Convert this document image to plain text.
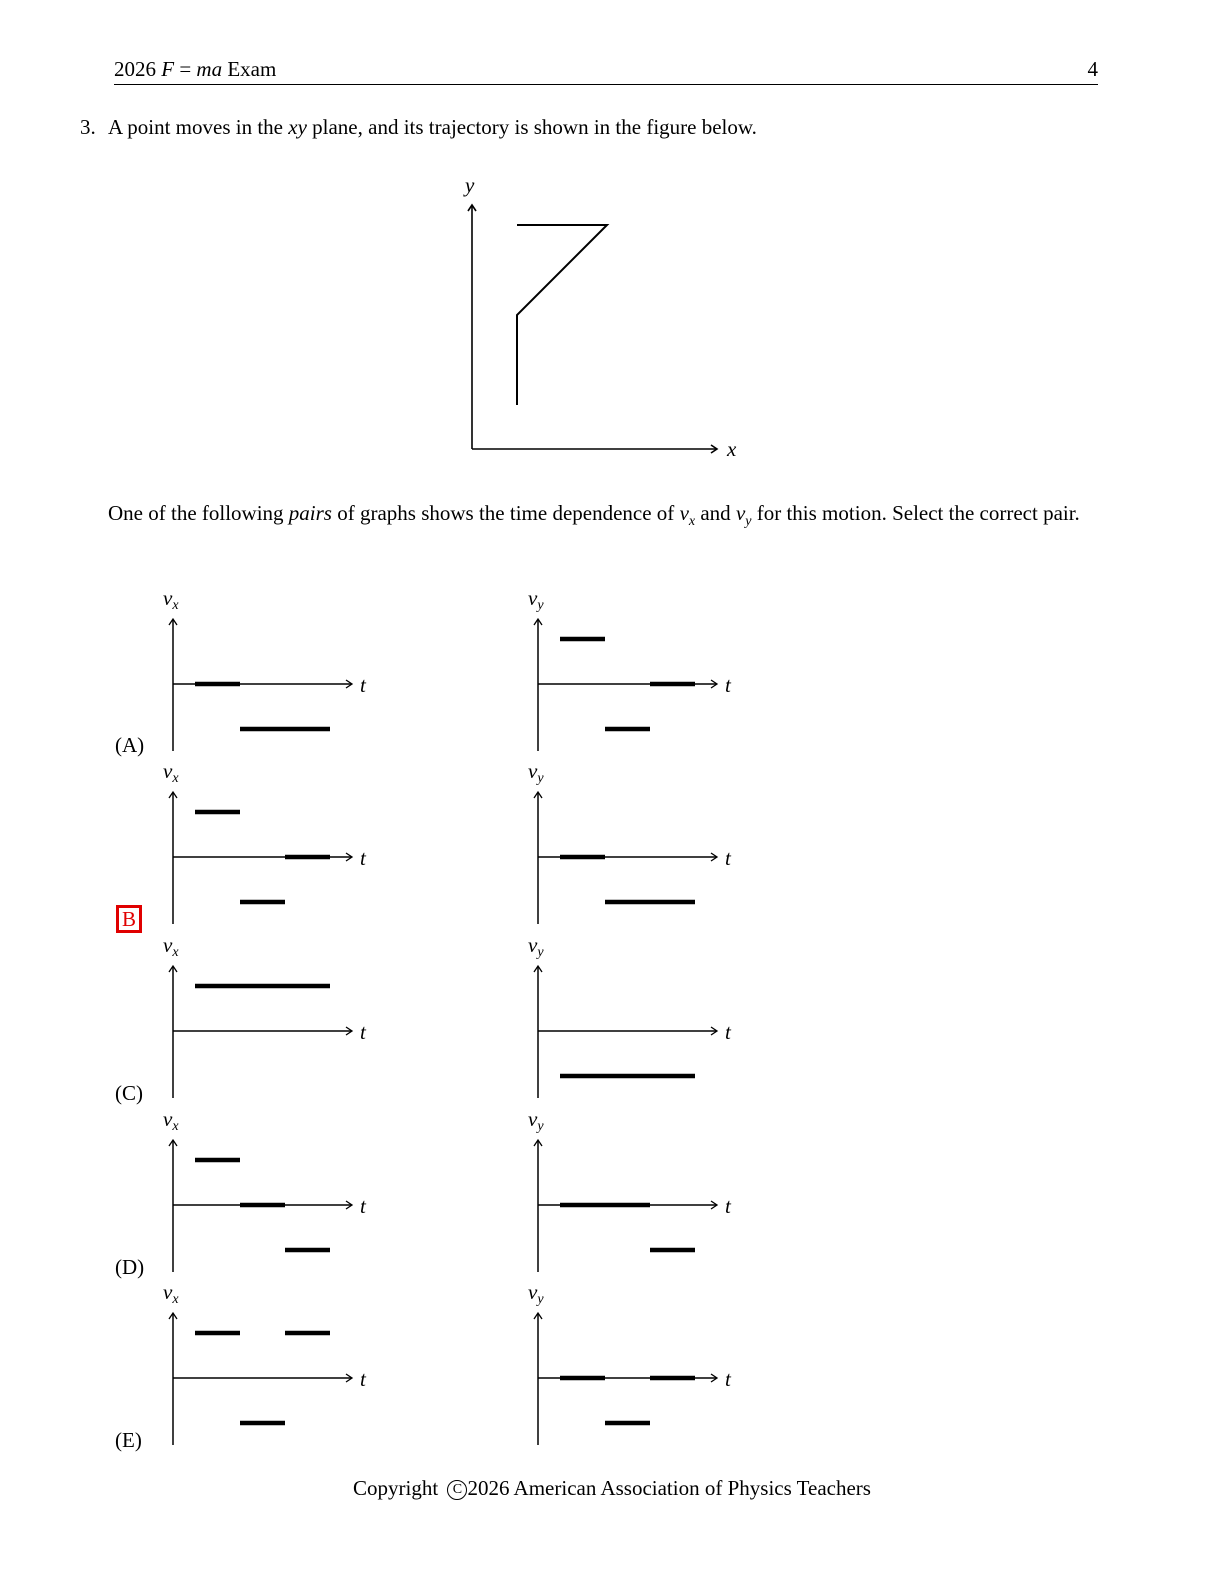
2026 F = ma Exam	4
3. A point moves in the xy plane, and its trajectory is shown in the figure below.
y
x
One of the following pairs of graphs shows the time dependence of $v_x$ and $v_y$ for this motion. Select the correct pair.
(A)
B
(C)
(D)
(E)
vx
t
vy
t
vx
t
vy
t
vx
t
vy
t
vx
t
vy
t
vx
t
vy
t
Copyright C 2026 American Association of Physics Teachers
